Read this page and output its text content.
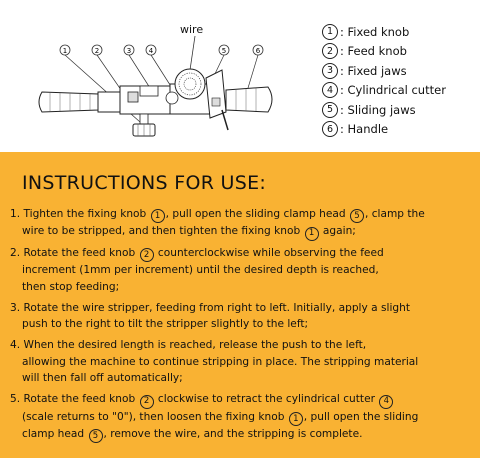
wire
1	2	3	4	5	6
1 : Fixed knob
2 : Feed knob
3 : Fixed jaws
4 : Cylindrical cutter
5 : Sliding jaws
6 : Handle
INSTRUCTIONS FOR USE:
1. Tighten the fixing knob 1 , pull open the sliding clamp head 5 , clamp the
wire to be stripped, and then tighten the fixing knob 1 again;
2. Rotate the feed knob 2 counterclockwise while observing the feed
increment (1mm per increment) until the desired depth is reached,
then stop feeding;
3. Rotate the wire stripper, feeding from right to left. Initially, apply a slight
push to the right to tilt the stripper slightly to the left;
4. When the desired length is reached, release the push to the left,
allowing the machine to continue stripping in place. The stripping material
will then fall off automatically;
5. Rotate the feed knob 2 clockwise to retract the cylindrical cutter 4
(scale returns to "0"), then loosen the fixing knob 1 , pull open the sliding
clamp head 5 , remove the wire, and the stripping is complete.
